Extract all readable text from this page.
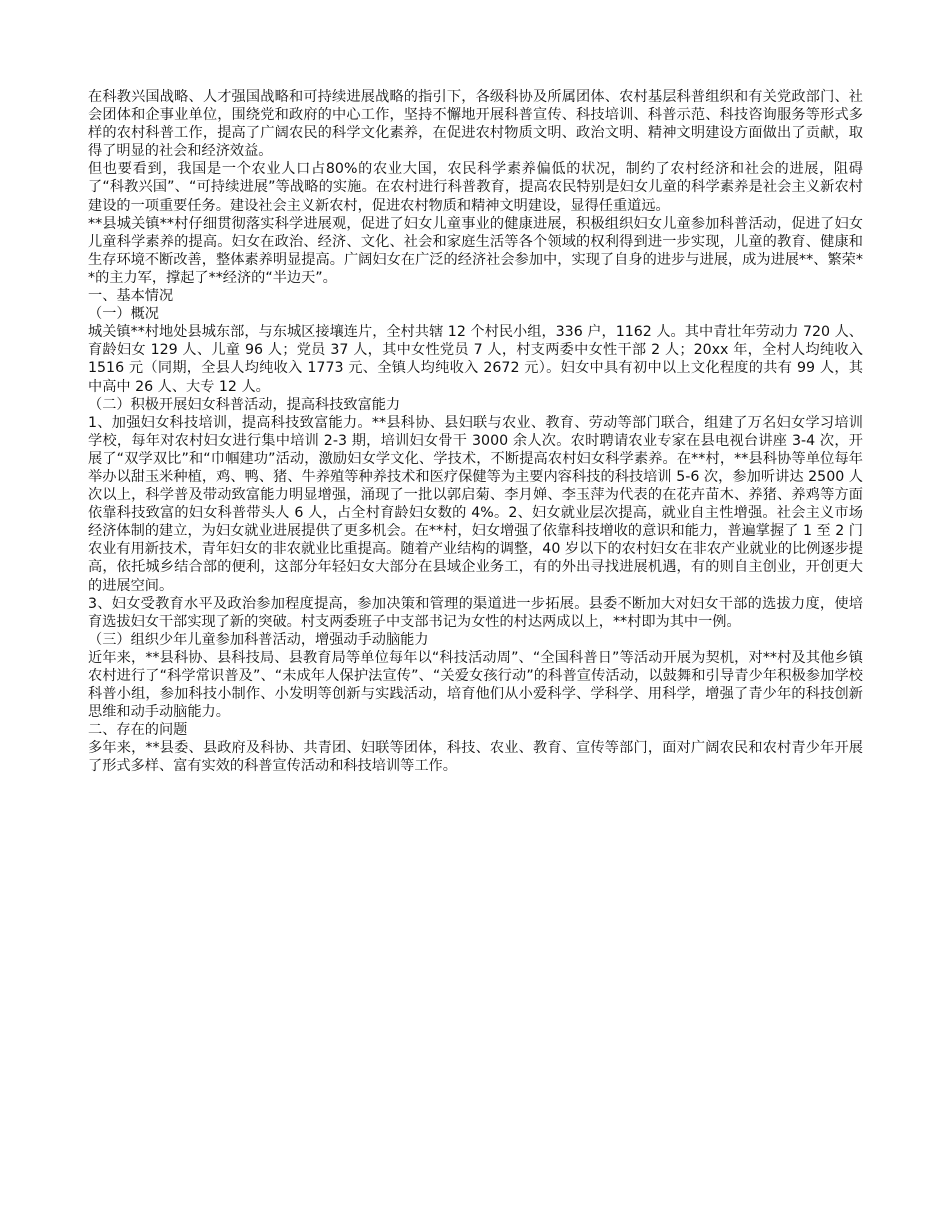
在科教兴国战略、人才强国战略和可持续进展战略的指引下，各级科协及所属团体、农村基层科普组织和有关党政部门、社会团体和企事业单位，围绕党和政府的中心工作，坚持不懈地开展科普宣传、科技培训、科普示范、科技咨询服务等形式多样的农村科普工作，提高了广阔农民的科学文化素养，在促进农村物质文明、政治文明、精神文明建设方面做出了贡献，取得了明显的社会和经济效益。

但也要看到，我国是一个农业人口占80%的农业大国，农民科学素养偏低的状况，制约了农村经济和社会的进展，阻碍了“科教兴国”、“可持续进展”等战略的实施。在农村进行科普教育，提高农民特别是妇女儿童的科学素养是社会主义新农村建设的一项重要任务。建设社会主义新农村，促进农村物质和精神文明建设，显得任重道远。

**县城关镇**村仔细贯彻落实科学进展观，促进了妇女儿童事业的健康进展，积极组织妇女儿童参加科普活动，促进了妇女儿童科学素养的提高。妇女在政治、经济、文化、社会和家庭生活等各个领域的权利得到进一步实现，儿童的教育、健康和生存环境不断改善，整体素养明显提高。广阔妇女在广泛的经济社会参加中，实现了自身的进步与进展，成为进展**、繁荣**的主力军，撑起了**经济的“半边天”。

一、基本情况

（一）概况

城关镇**村地处县城东部，与东城区接壤连片，全村共辖 12 个村民小组，336 户，1162 人。其中青壮年劳动力 720 人、育龄妇女 129 人、儿童 96 人；党员 37 人，其中女性党员 7 人，村支两委中女性干部 2 人；20xx 年，全村人均纯收入 1516 元（同期，全县人均纯收入 1773 元、全镇人均纯收入 2672 元）。妇女中具有初中以上文化程度的共有 99 人，其中高中 26 人、大专 12 人。

（二）积极开展妇女科普活动，提高科技致富能力

1、加强妇女科技培训，提高科技致富能力。**县科协、县妇联与农业、教育、劳动等部门联合，组建了万名妇女学习培训学校，每年对农村妇女进行集中培训 2-3 期，培训妇女骨干 3000 余人次。农时聘请农业专家在县电视台讲座 3-4 次，开展了“双学双比”和“巾帼建功”活动，激励妇女学文化、学技术，不断提高农村妇女科学素养。在**村，**县科协等单位每年举办以甜玉米种植，鸡、鸭、猪、牛养殖等种养技术和医疗保健等为主要内容科技的科技培训 5-6 次，参加听讲达 2500 人次以上，科学普及带动致富能力明显增强，涌现了一批以郭启菊、李月婵、李玉萍为代表的在花卉苗木、养猪、养鸡等方面依靠科技致富的妇女科普带头人 6 人，占全村育龄妇女数的 4%。2、妇女就业层次提高，就业自主性增强。社会主义市场经济体制的建立，为妇女就业进展提供了更多机会。在**村，妇女增强了依靠科技增收的意识和能力，普遍掌握了 1 至 2 门农业有用新技术，青年妇女的非农就业比重提高。随着产业结构的调整，40 岁以下的农村妇女在非农产业就业的比例逐步提高，依托城乡结合部的便利，这部分年轻妇女大部分在县域企业务工，有的外出寻找进展机遇，有的则自主创业，开创更大的进展空间。

3、妇女受教育水平及政治参加程度提高，参加决策和管理的渠道进一步拓展。县委不断加大对妇女干部的选拔力度，使培育选拔妇女干部实现了新的突破。村支两委班子中支部书记为女性的村达两成以上，**村即为其中一例。

（三）组织少年儿童参加科普活动，增强动手动脑能力

近年来，**县科协、县科技局、县教育局等单位每年以“科技活动周”、“全国科普日”等活动开展为契机，对**村及其他乡镇农村进行了“科学常识普及”、“未成年人保护法宣传”、“关爱女孩行动”的科普宣传活动，以鼓舞和引导青少年积极参加学校科普小组，参加科技小制作、小发明等创新与实践活动，培育他们从小爱科学、学科学、用科学，增强了青少年的科技创新思维和动手动脑能力。

二、存在的问题

多年来，**县委、县政府及科协、共青团、妇联等团体，科技、农业、教育、宣传等部门，面对广阔农民和农村青少年开展了形式多样、富有实效的科普宣传活动和科技培训等工作。
